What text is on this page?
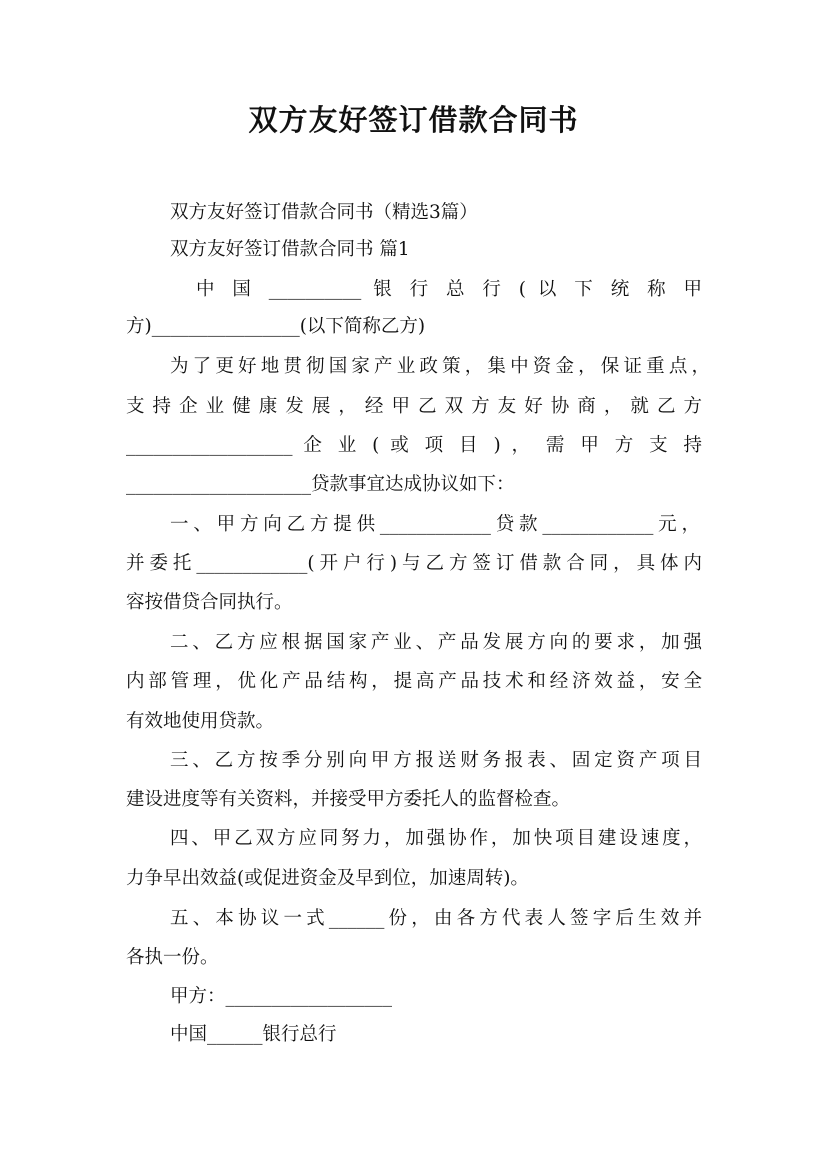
双方友好签订借款合同书
双方友好签订借款合同书（精选3篇）
双方友好签订借款合同书 篇1
中 国 __________ 银 行 总 行 ( 以 下 统 称 甲
方)________________(以下简称乙方)
为了更好地贯彻国家产业政策，集中资金，保证重点，
支持企业健康发展，经甲乙双方友好协商，就乙方
__________________ 企 业 ( 或 项 目 ) ， 需 甲 方 支 持
____________________贷款事宜达成协议如下：
一、甲方向乙方提供____________贷款____________元，
并委托____________(开户行)与乙方签订借款合同，具体内
容按借贷合同执行。
二、乙方应根据国家产业、产品发展方向的要求，加强
内部管理，优化产品结构，提高产品技术和经济效益，安全
有效地使用贷款。
三、乙方按季分别向甲方报送财务报表、固定资产项目
建设进度等有关资料，并接受甲方委托人的监督检查。
四、甲乙双方应同努力，加强协作，加快项目建设速度，
力争早出效益(或促进资金及早到位，加速周转)。
五、本协议一式______份，由各方代表人签字后生效并
各执一份。
甲方：__________________
中国______银行总行
